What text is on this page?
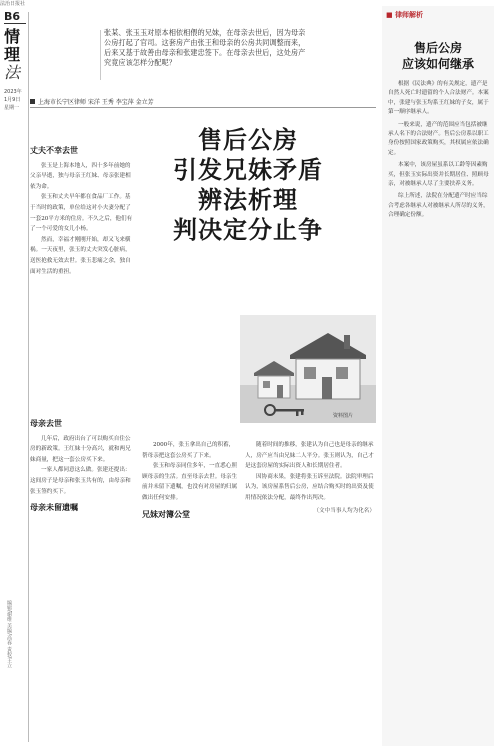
法治日报社
B6
情理
法
2023年
1月9日
星期一
编辑/谢维 美编/高春 责校/王立
张某、张玉玉对原本相依相偎的兄妹，在母亲去世后，因为母亲公房打起了官司。这套房产由张王和母亲的公房共同调整而来，后来又基于故善由母亲和张建忠签下。在母亲去世后，这处房产究竟应该怎样分配呢？
上海市长宁区律师 宋洋 王秀 李宝萍 金立芳
售后公房
引发兄妹矛盾
辨法析理
判决定分止争
丈夫不幸去世

张玉是上海本地人，四十多年前她的父亲早逝，独与母亲王红妹、母亲张建相依为命。

张玉和丈夫早年都在食品厂工作。基于当时的政策，单位给这对小夫妻分配了一套20平方米的住房。不久之后，他们有了一个可爱的女儿小杨。

然而，幸福才刚刚开始，却又飞来横祸。一天夜里，张玉的丈夫突发心脏病，送医抢救无效去世。张玉悲痛之余，独自面对生活的重担。

母亲去世

几年后，政府出台了可以购买自住公房的新政策。王红妹十分高兴，就和两兄妹商量，把这一套公房买下来。

一家人都同意这么做。张建还提出：这间房子是母亲和张玉共有的，由母亲和张玉签约买下。

母亲未留遗嘱

2000年，张玉拿出自己的积蓄，帮母亲把这套公房买了下来。

张玉和母亲同住多年，一直悉心照顾母亲的生活。直至母亲去世。母亲生前并未留下遗嘱，也没有对房屋的归属做出任何安排。

兄妹对簿公堂

随着时间的推移，张建认为自己也是母亲的继承人，房产应当由兄妹二人平分。张玉则认为，自己才是这套房屋的实际出资人和长期居住者。

因协商未果，张建将张玉诉至法院。法院审理后认为，该房屋系售后公房，应结合购买时的出资及使用情况依法分配，最终作出判决。

（文中当事人均为化名）
资料图片
■ 律师解析
售后公房
应该如何继承

根据《民法典》的有关规定，遗产是自然人死亡时遗留的个人合法财产。本案中，张建与张玉均系王红妹的子女，属于第一顺序继承人。

一般来说，遗产的范围应当包括被继承人名下的合法财产。售后公房系以职工身份按照国家政策购买，其权属应依法确定。

本案中，该房屋虽系以工龄等因素购买，但张玉实际出资并长期居住、照顾母亲，对被继承人尽了主要扶养义务。

综上所述，法院在分配遗产时应当综合考虑各继承人对被继承人所尽的义务，合理确定份额。
